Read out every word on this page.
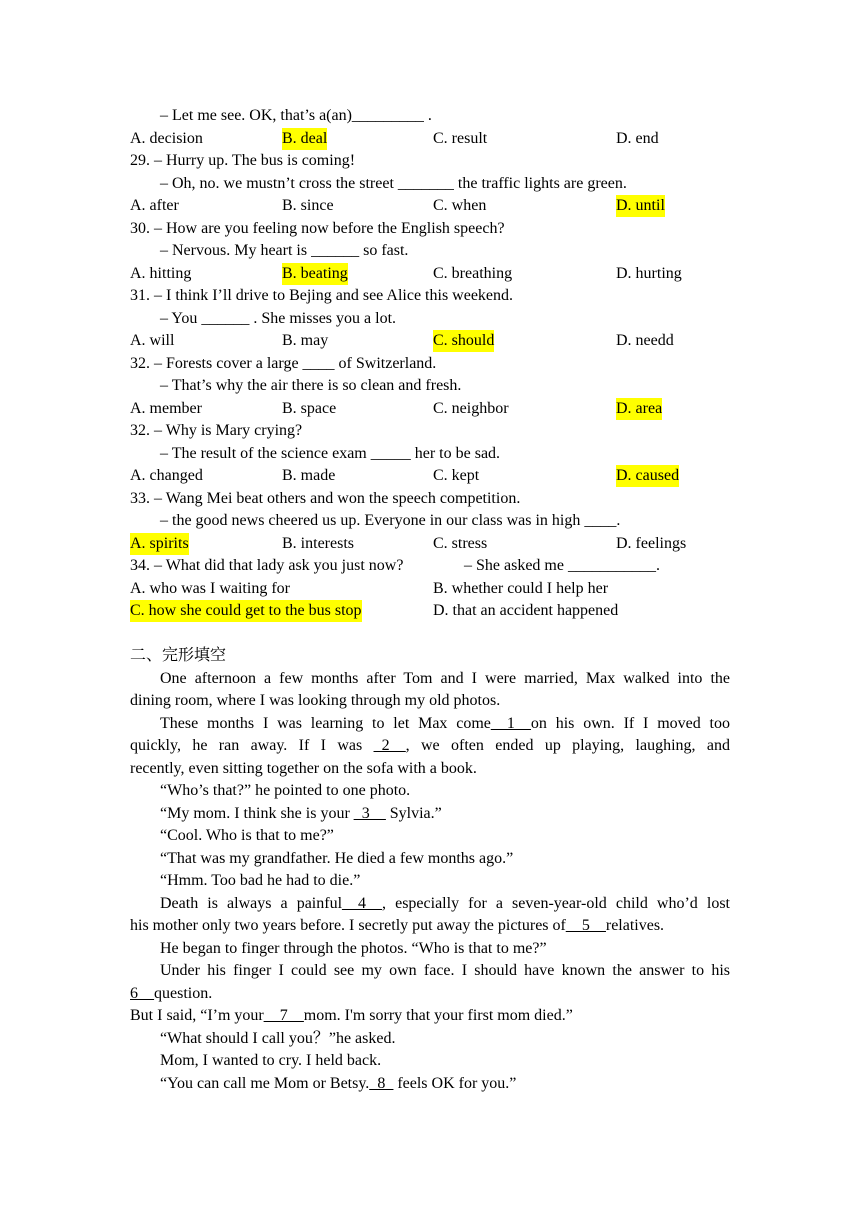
– Let me see. OK, that’s a(an)_________ .
A. decision	B. deal	C. result	D. end
29. – Hurry up. The bus is coming!
– Oh, no. we mustn’t cross the street _______ the traffic lights are green.
A. after	B. since	C. when	D. until
30. – How are you feeling now before the English speech?
– Nervous. My heart is ______ so fast.
A. hitting	B. beating	C. breathing	D. hurting
31. – I think I’ll drive to Bejing and see Alice this weekend.
– You ______ . She misses you a lot.
A. will	B. may	C. should	D. needd
32. – Forests cover a large ____ of Switzerland.
– That’s why the air there is so clean and fresh.
A. member	B. space	C. neighbor	D. area
32. – Why is Mary crying?
– The result of the science exam _____ her to be sad.
A. changed	B. made	C. kept	D. caused
33. – Wang Mei beat others and won the speech competition.
– the good news cheered us up. Everyone in our class was in high ____.
A. spirits	B. interests	C. stress	D. feelings
34. – What did that lady ask you just now?	– She asked me ___________.
A. who was I waiting for	B. whether could I help her
C. how she could get to the bus stop	D. that an accident happened
二、完形填空
One afternoon a few months after Tom and I were married, Max walked into the
dining room, where I was looking through my old photos.
These months I was learning to let Max come__1__on his own. If I moved too
quickly, he ran away. If I was _2__, we often ended up playing, laughing, and
recently, even sitting together on the sofa with a book.
“Who’s that?” he pointed to one photo.
“My mom. I think she is your _3__ Sylvia.”
“Cool. Who is that to me?”
“That was my grandfather. He died a few months ago.”
“Hmm. Too bad he had to die.”
Death is always a painful__4__, especially for a seven-year-old child who’d lost
his mother only two years before. I secretly put away the pictures of__5__relatives.
He began to finger through the photos. “Who is that to me?”
Under his finger I could see my own face. I should have known the answer to his
6__question.
But I said, “I’m your__7__mom. I'm sorry that your first mom died.”
“What should I call you？”he asked.
Mom, I wanted to cry. I held back.
“You can call me Mom or Betsy._8_ feels OK for you.”
